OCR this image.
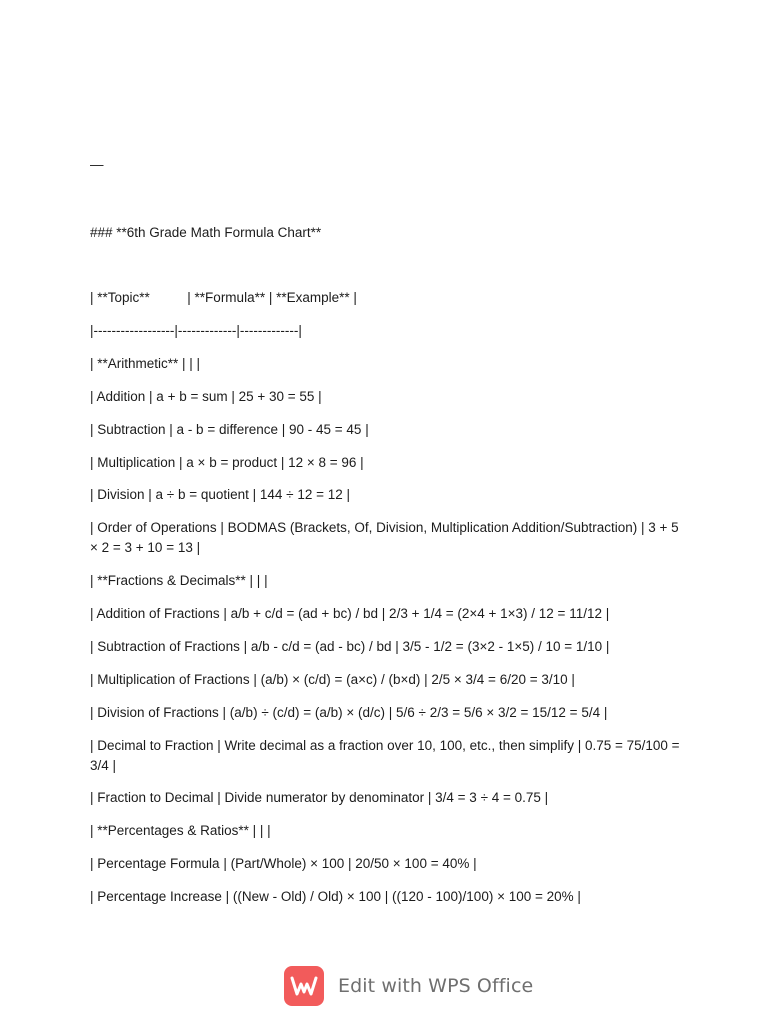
—
### **6th Grade Math Formula Chart**
| **Topic**          | **Formula** | **Example** |
|------------------|-------------|-------------|
| **Arithmetic** | | |
| Addition | a + b = sum | 25 + 30 = 55 |
| Subtraction | a - b = difference | 90 - 45 = 45 |
| Multiplication | a × b = product | 12 × 8 = 96 |
| Division | a ÷ b = quotient | 144 ÷ 12 = 12 |
| Order of Operations | BODMAS (Brackets, Of, Division, Multiplication Addition/Subtraction) | 3 + 5 × 2 = 3 + 10 = 13 |
| **Fractions & Decimals** | | |
| Addition of Fractions | a/b + c/d = (ad + bc) / bd | 2/3 + 1/4 = (2×4 + 1×3) / 12 = 11/12 |
| Subtraction of Fractions | a/b - c/d = (ad - bc) / bd | 3/5 - 1/2 = (3×2 - 1×5) / 10 = 1/10 |
| Multiplication of Fractions | (a/b) × (c/d) = (a×c) / (b×d) | 2/5 × 3/4 = 6/20 = 3/10 |
| Division of Fractions | (a/b) ÷ (c/d) = (a/b) × (d/c) | 5/6 ÷ 2/3 = 5/6 × 3/2 = 15/12 = 5/4 |
| Decimal to Fraction | Write decimal as a fraction over 10, 100, etc., then simplify | 0.75 = 75/100 = 3/4 |
| Fraction to Decimal | Divide numerator by denominator | 3/4 = 3 ÷ 4 = 0.75 |
| **Percentages & Ratios** | | |
| Percentage Formula | (Part/Whole) × 100 | 20/50 × 100 = 40% |
| Percentage Increase | ((New - Old) / Old) × 100 | ((120 - 100)/100) × 100 = 20% |
Edit with WPS Office
